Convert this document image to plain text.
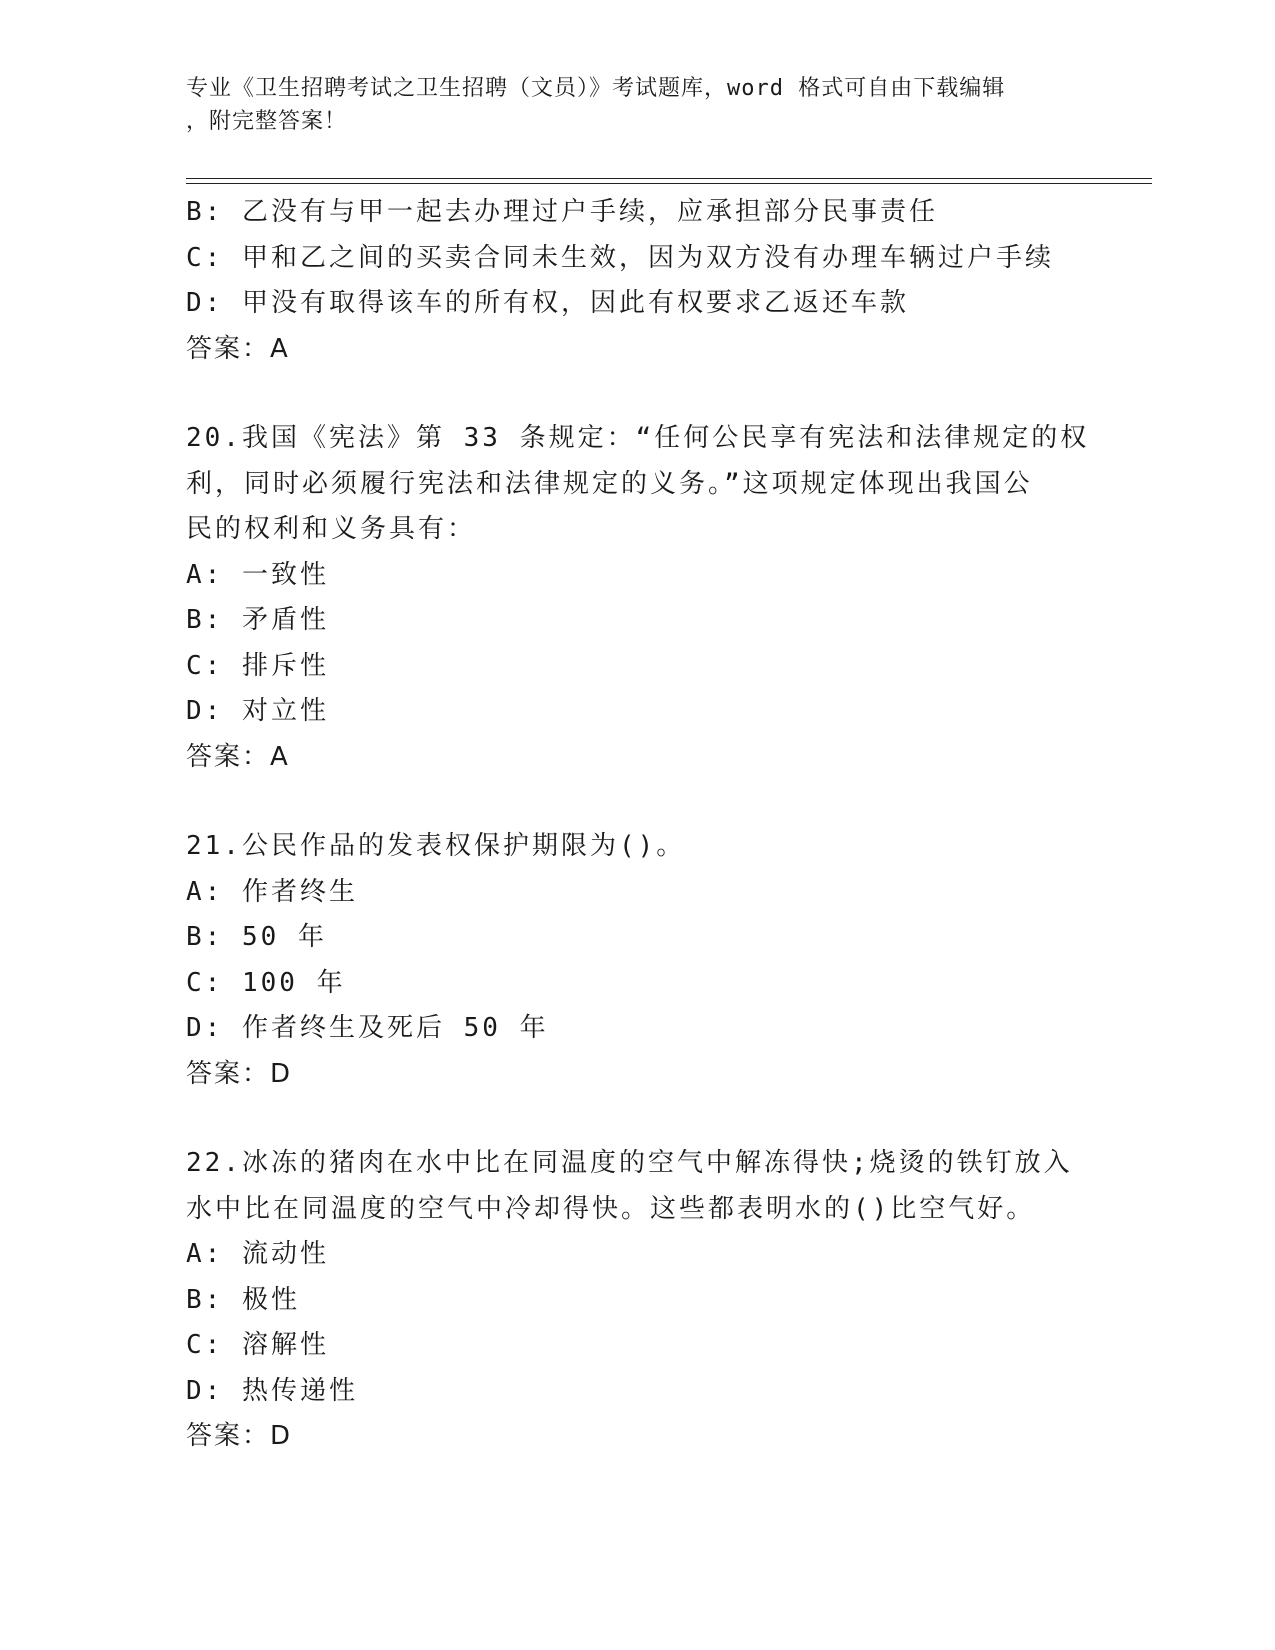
专业《卫生招聘考试之卫生招聘（文员）》考试题库，word 格式可自由下载编辑
，附完整答案！
B: 乙没有与甲一起去办理过户手续，应承担部分民事责任
C: 甲和乙之间的买卖合同未生效，因为双方没有办理车辆过户手续
D: 甲没有取得该车的所有权，因此有权要求乙返还车款
答案：A
20.我国《宪法》第 33 条规定：“任何公民享有宪法和法律规定的权
利，同时必须履行宪法和法律规定的义务。”这项规定体现出我国公
民的权利和义务具有：
A: 一致性
B: 矛盾性
C: 排斥性
D: 对立性
答案：A
21.公民作品的发表权保护期限为()。
A: 作者终生
B: 50 年
C: 100 年
D: 作者终生及死后 50 年
答案：D
22.冰冻的猪肉在水中比在同温度的空气中解冻得快;烧烫的铁钉放入
水中比在同温度的空气中冷却得快。这些都表明水的()比空气好。
A: 流动性
B: 极性
C: 溶解性
D: 热传递性
答案：D
